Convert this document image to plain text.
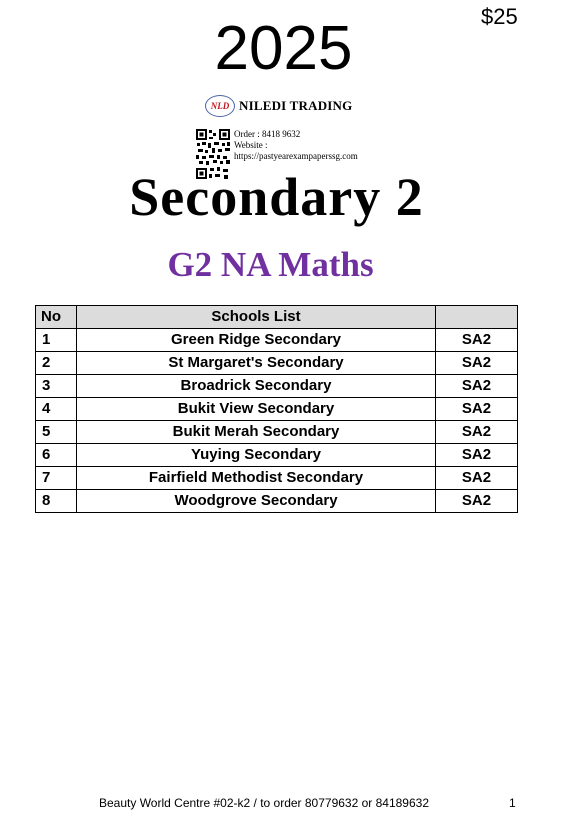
$25
2025
NLD NILEDI TRADING
Order : 8418 9632
Website :
https://pastyearexampaperssg.com
Secondary 2
G2 NA Maths
No	Schools List	
1	Green Ridge Secondary	SA2
2	St Margaret's Secondary	SA2
3	Broadrick Secondary	SA2
4	Bukit View Secondary	SA2
5	Bukit Merah Secondary	SA2
6	Yuying Secondary	SA2
7	Fairfield Methodist Secondary	SA2
8	Woodgrove Secondary	SA2
Beauty World Centre #02-k2 / to order 80779632 or 84189632	1
